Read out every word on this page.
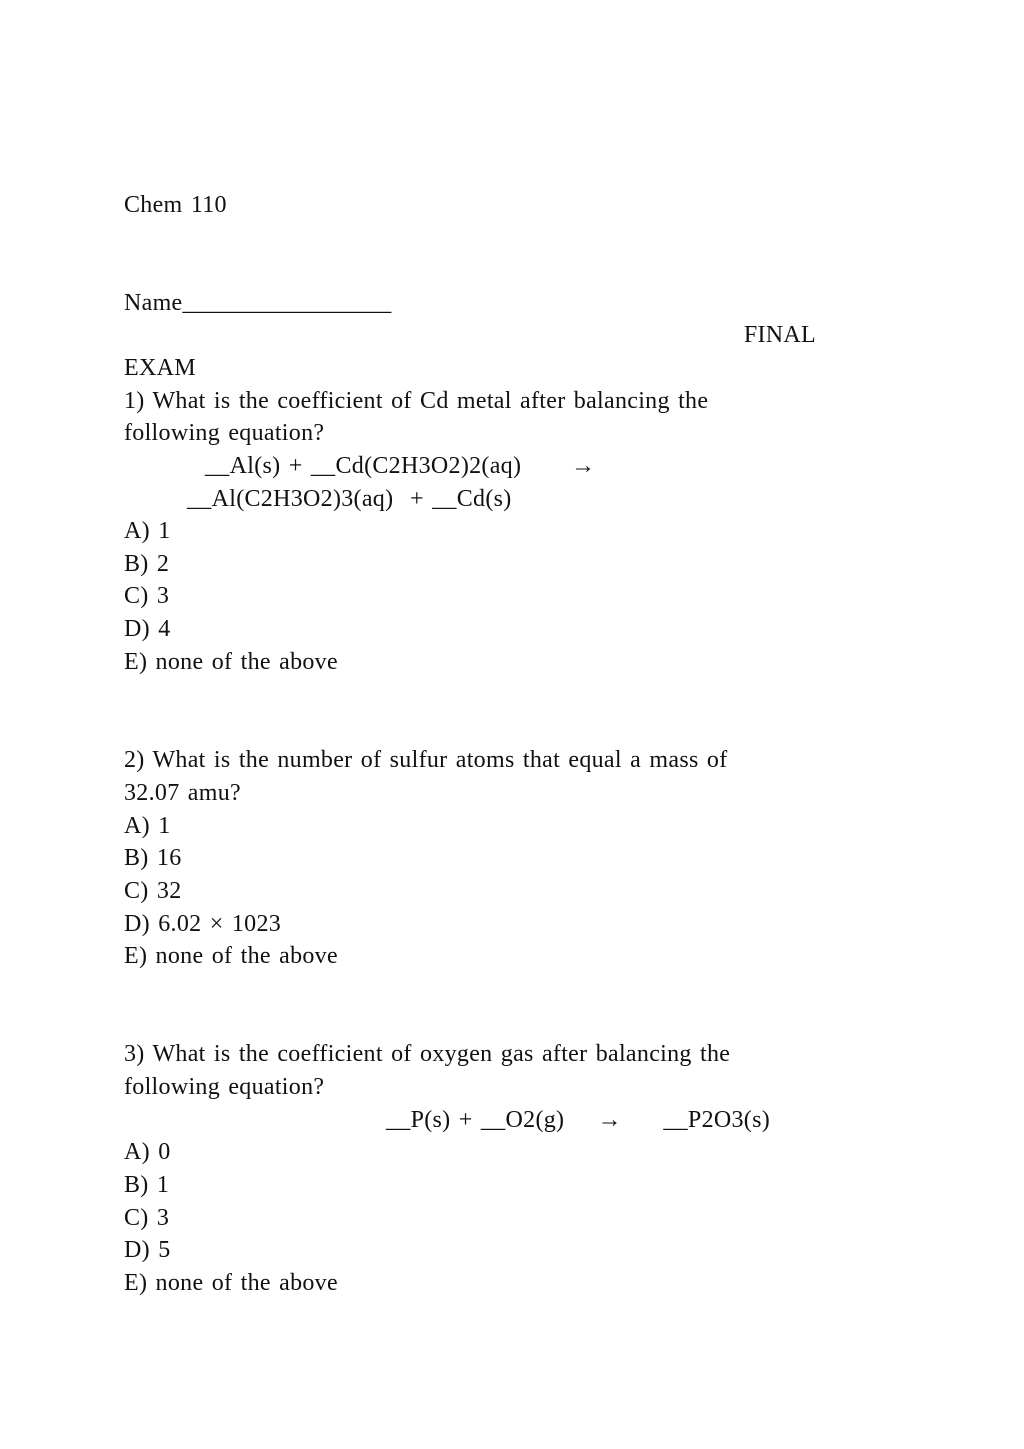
Chem 110
Name_________________
FINAL
EXAM
1) What is the coefficient of Cd metal after balancing the
following equation?
__Al(s) + __Cd(C2H3O2)2(aq)      →
__Al(C2H3O2)3(aq)  + __Cd(s)
A) 1
B) 2
C) 3
D) 4
E) none of the above
2) What is the number of sulfur atoms that equal a mass of
32.07 amu?
A) 1
B) 16
C) 32
D) 6.02 × 1023
E) none of the above
3) What is the coefficient of oxygen gas after balancing the
following equation?
__P(s) + __O2(g)    →     __P2O3(s)
A) 0
B) 1
C) 3
D) 5
E) none of the above
